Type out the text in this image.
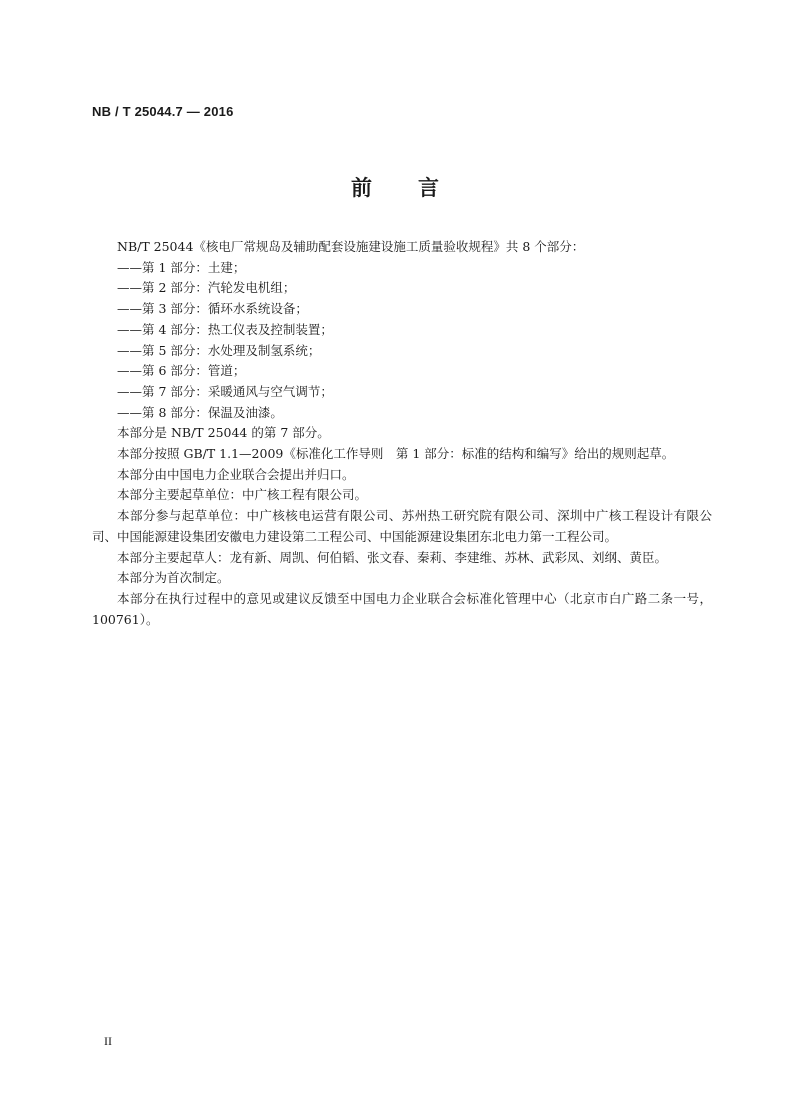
NB / T 25044.7 — 2016
前 言

NB/T 25044《核电厂常规岛及辅助配套设施建设施工质量验收规程》共 8 个部分：

——第 1 部分：土建；

——第 2 部分：汽轮发电机组；

——第 3 部分：循环水系统设备；

——第 4 部分：热工仪表及控制装置；

——第 5 部分：水处理及制氢系统；

——第 6 部分：管道；

——第 7 部分：采暖通风与空气调节；

——第 8 部分：保温及油漆。

本部分是 NB/T 25044 的第 7 部分。

本部分按照 GB/T 1.1—2009《标准化工作导则　第 1 部分：标准的结构和编写》给出的规则起草。

本部分由中国电力企业联合会提出并归口。

本部分主要起草单位：中广核工程有限公司。

本部分参与起草单位：中广核核电运营有限公司、苏州热工研究院有限公司、深圳中广核工程设计有限公司、中国能源建设集团安徽电力建设第二工程公司、中国能源建设集团东北电力第一工程公司。

本部分主要起草人：龙有新、周凯、何伯韬、张文春、秦莉、李建维、苏林、武彩凤、刘纲、黄臣。

本部分为首次制定。

本部分在执行过程中的意见或建议反馈至中国电力企业联合会标准化管理中心（北京市白广路二条一号，100761）。

II
